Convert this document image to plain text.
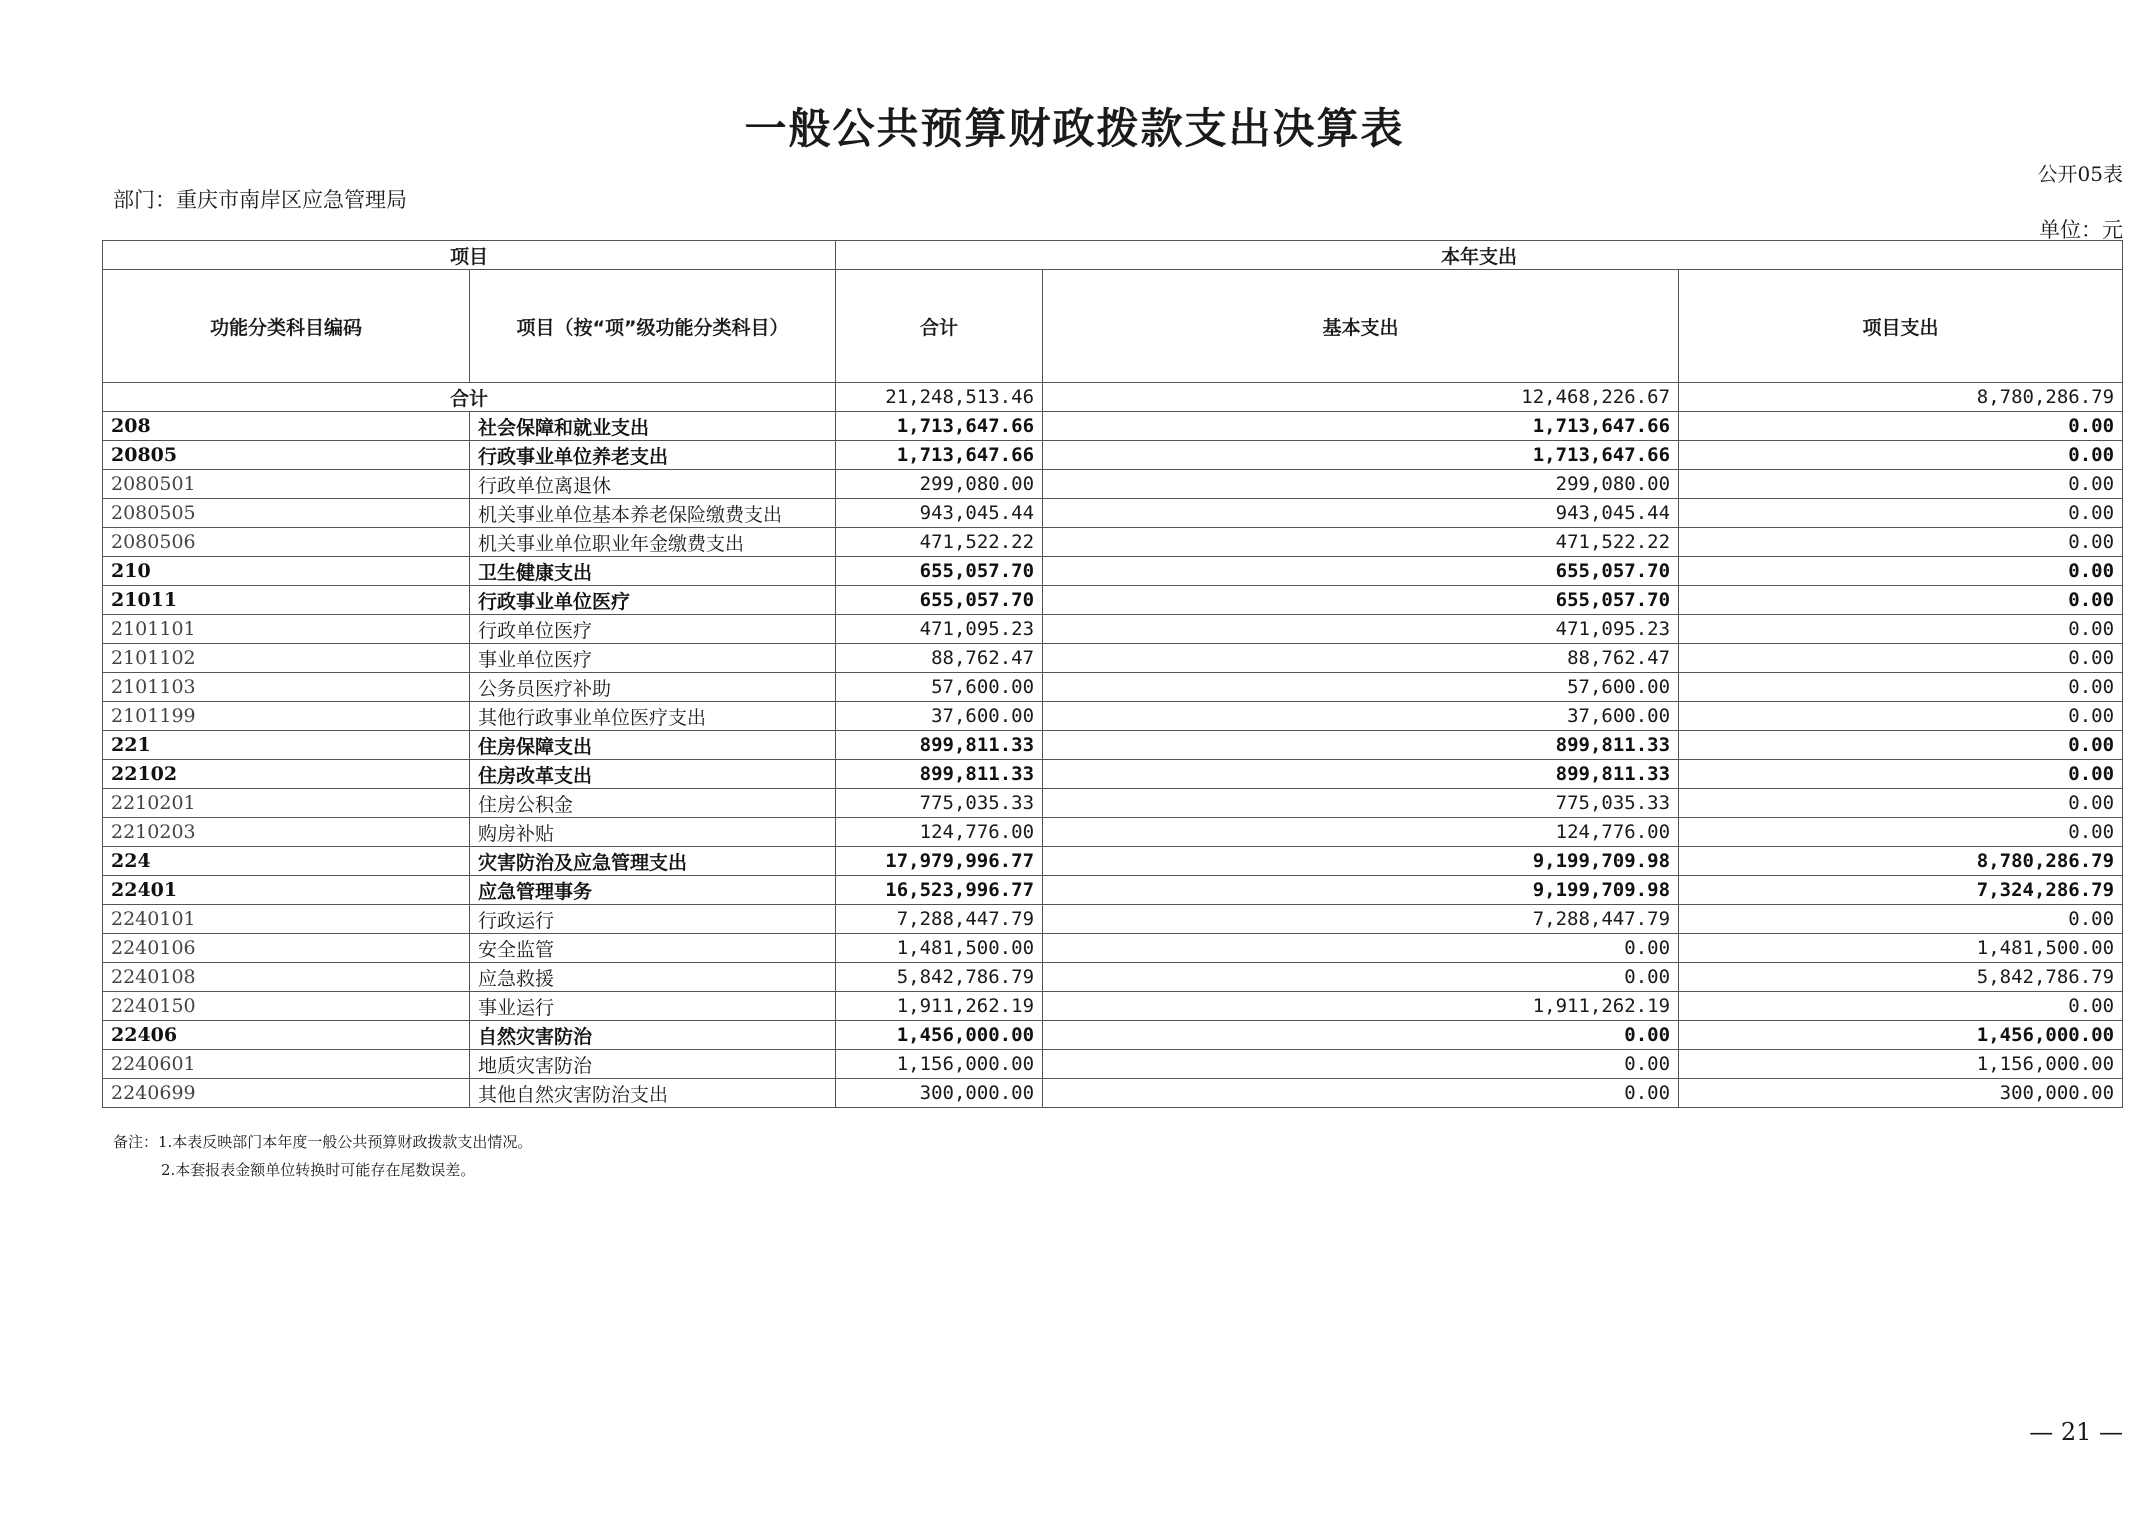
一般公共预算财政拨款支出决算表
公开05表
部门：重庆市南岸区应急管理局
单位：元
项目		本年支出		
功能分类科目编码	项目（按“项”级功能分类科目）	合计	基本支出	项目支出
合计		21,248,513.46	12,468,226.67	8,780,286.79
208	社会保障和就业支出	1,713,647.66	1,713,647.66	0.00
20805	行政事业单位养老支出	1,713,647.66	1,713,647.66	0.00
2080501	行政单位离退休	299,080.00	299,080.00	0.00
2080505	机关事业单位基本养老保险缴费支出	943,045.44	943,045.44	0.00
2080506	机关事业单位职业年金缴费支出	471,522.22	471,522.22	0.00
210	卫生健康支出	655,057.70	655,057.70	0.00
21011	行政事业单位医疗	655,057.70	655,057.70	0.00
2101101	行政单位医疗	471,095.23	471,095.23	0.00
2101102	事业单位医疗	88,762.47	88,762.47	0.00
2101103	公务员医疗补助	57,600.00	57,600.00	0.00
2101199	其他行政事业单位医疗支出	37,600.00	37,600.00	0.00
221	住房保障支出	899,811.33	899,811.33	0.00
22102	住房改革支出	899,811.33	899,811.33	0.00
2210201	住房公积金	775,035.33	775,035.33	0.00
2210203	购房补贴	124,776.00	124,776.00	0.00
224	灾害防治及应急管理支出	17,979,996.77	9,199,709.98	8,780,286.79
22401	应急管理事务	16,523,996.77	9,199,709.98	7,324,286.79
2240101	行政运行	7,288,447.79	7,288,447.79	0.00
2240106	安全监管	1,481,500.00	0.00	1,481,500.00
2240108	应急救援	5,842,786.79	0.00	5,842,786.79
2240150	事业运行	1,911,262.19	1,911,262.19	0.00
22406	自然灾害防治	1,456,000.00	0.00	1,456,000.00
2240601	地质灾害防治	1,156,000.00	0.00	1,156,000.00
2240699	其他自然灾害防治支出	300,000.00	0.00	300,000.00
备注：1.本表反映部门本年度一般公共预算财政拨款支出情况。
2.本套报表金额单位转换时可能存在尾数误差。
— 21 —
